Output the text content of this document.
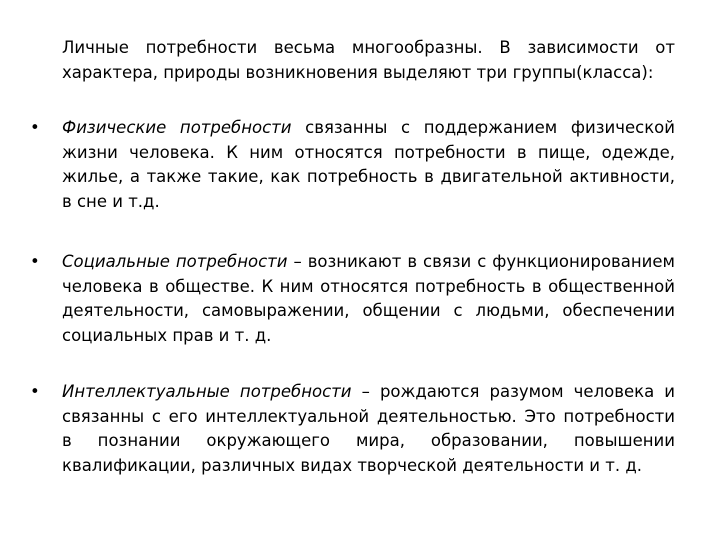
Личные потребности весьма многообразны. В зависимости от характера, природы возникновения выделяют три группы(класса):

• Физические потребности связанны с поддержанием физической жизни человека. К ним относятся потребности в пище, одежде, жилье, а также такие, как потребность в двигательной активности, в сне и т.д.

• Социальные потребности – возникают в связи с функционированием человека в обществе. К ним относятся потребность в общественной деятельности, самовыражении, общении с людьми, обеспечении социальных прав и т. д.

• Интеллектуальные потребности – рождаются разумом человека и связанны с его интеллектуальной деятельностью. Это потребности в познании окружающего мира, образовании, повышении квалификации, различных видах творческой деятельности и т. д.
